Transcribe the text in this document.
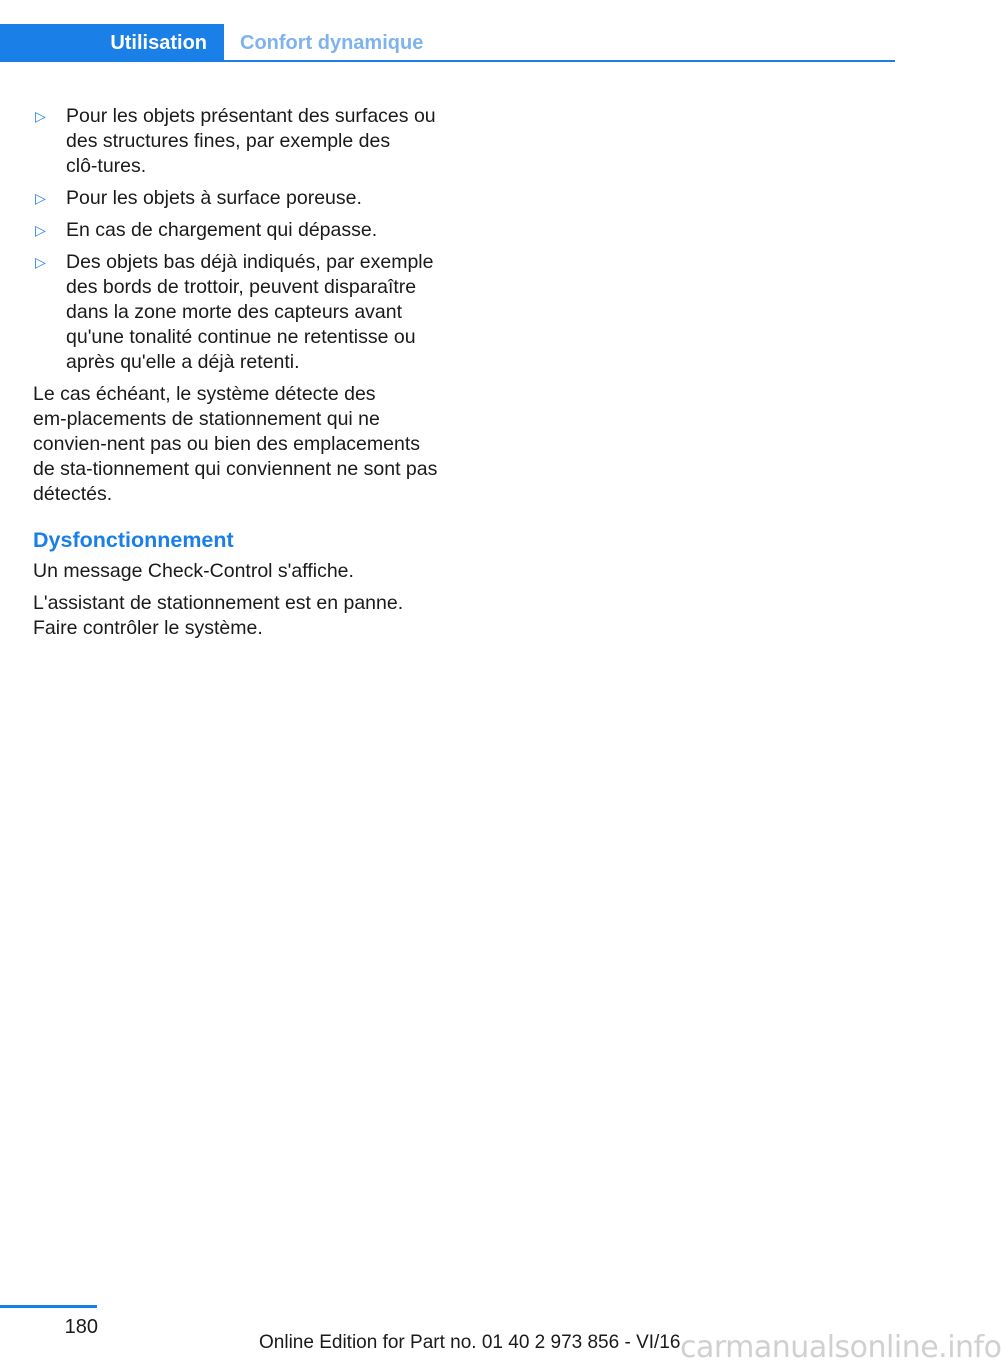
Utilisation	Confort dynamique
▷ Pour les objets présentant des surfaces ou des structures fines, par exemple des clô‑tures.
▷ Pour les objets à surface poreuse.
▷ En cas de chargement qui dépasse.
▷ Des objets bas déjà indiqués, par exemple des bords de trottoir, peuvent disparaître dans la zone morte des capteurs avant qu'une tonalité continue ne retentisse ou après qu'elle a déjà retenti.

Le cas échéant, le système détecte des em‑placements de stationnement qui ne convien‑nent pas ou bien des emplacements de sta‑tionnement qui conviennent ne sont pas détectés.

Dysfonctionnement

Un message Check-Control s'affiche.

L'assistant de stationnement est en panne. Faire contrôler le système.

180
Online Edition for Part no. 01 40 2 973 856 - VI/16 carmanualsonline.info
